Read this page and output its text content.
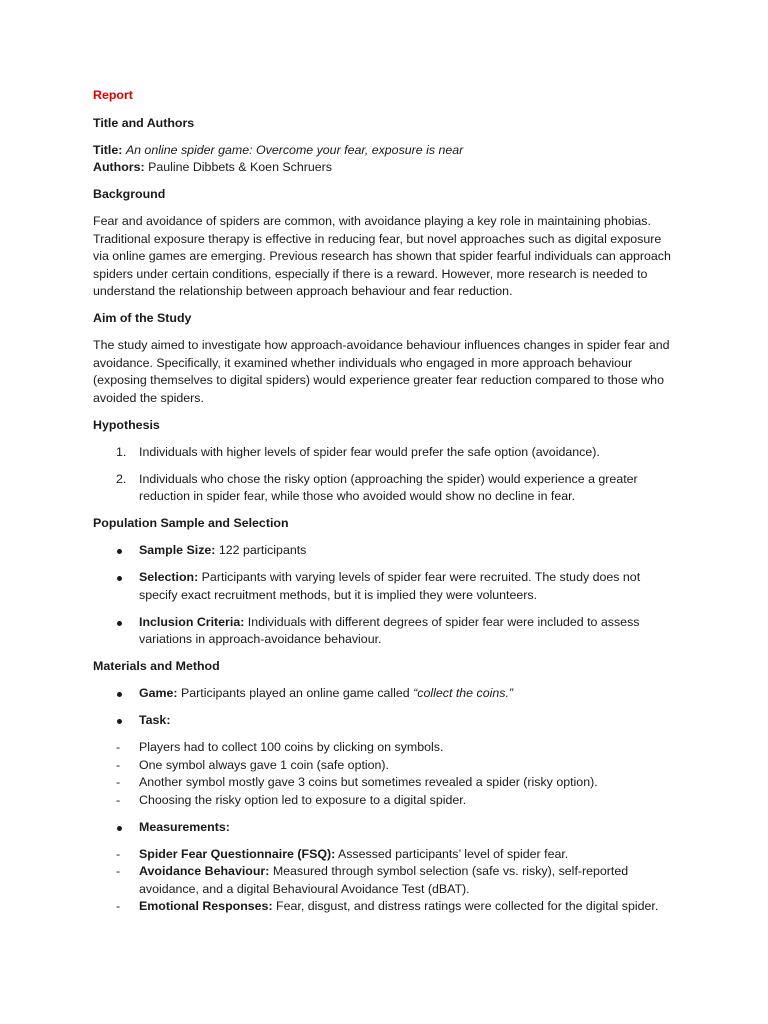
Report
Title and Authors
Title: An online spider game: Overcome your fear, exposure is near
Authors: Pauline Dibbets & Koen Schruers
Background

Fear and avoidance of spiders are common, with avoidance playing a key role in maintaining phobias. Traditional exposure therapy is effective in reducing fear, but novel approaches such as digital exposure via online games are emerging. Previous research has shown that spider fearful individuals can approach spiders under certain conditions, especially if there is a reward. However, more research is needed to understand the relationship between approach behaviour and fear reduction.

Aim of the Study

The study aimed to investigate how approach-avoidance behaviour influences changes in spider fear and avoidance. Specifically, it examined whether individuals who engaged in more approach behaviour (exposing themselves to digital spiders) would experience greater fear reduction compared to those who avoided the spiders.

Hypothesis
1. Individuals with higher levels of spider fear would prefer the safe option (avoidance).
2. Individuals who chose the risky option (approaching the spider) would experience a greater reduction in spider fear, while those who avoided would show no decline in fear.
Population Sample and Selection
Sample Size: 122 participants
Selection: Participants with varying levels of spider fear were recruited. The study does not specify exact recruitment methods, but it is implied they were volunteers.
Inclusion Criteria: Individuals with different degrees of spider fear were included to assess variations in approach-avoidance behaviour.
Materials and Method
Game: Participants played an online game called “collect the coins.”
Task:
- Players had to collect 100 coins by clicking on symbols.
- One symbol always gave 1 coin (safe option).
- Another symbol mostly gave 3 coins but sometimes revealed a spider (risky option).
- Choosing the risky option led to exposure to a digital spider.
Measurements:
- Spider Fear Questionnaire (FSQ): Assessed participants’ level of spider fear.
- Avoidance Behaviour: Measured through symbol selection (safe vs. risky), self-reported avoidance, and a digital Behavioural Avoidance Test (dBAT).
- Emotional Responses: Fear, disgust, and distress ratings were collected for the digital spider.
